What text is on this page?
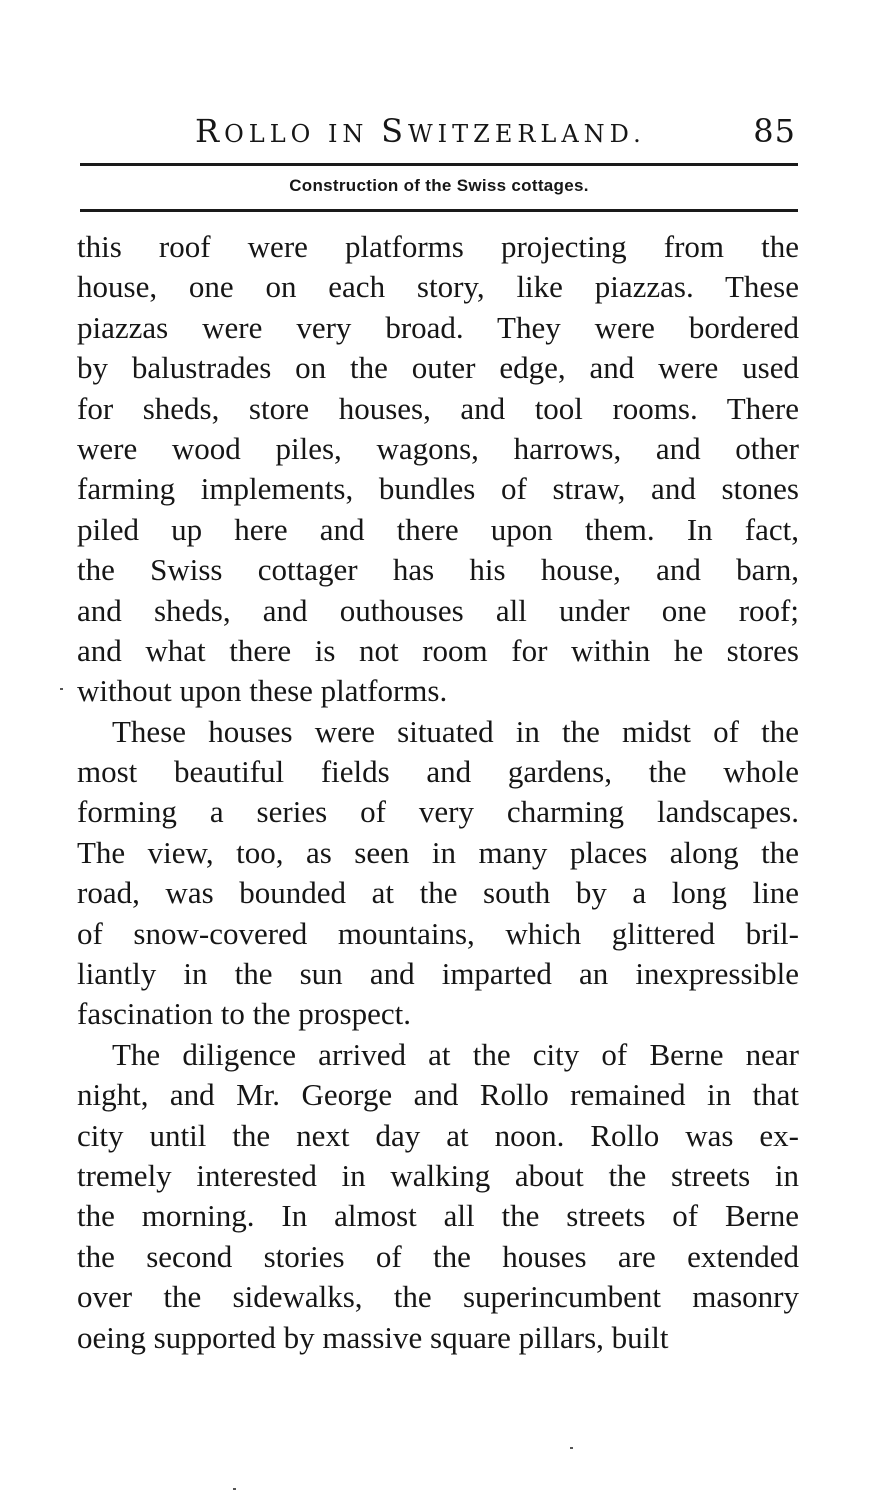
ROLLO IN SWITZERLAND.	85
Construction of the Swiss cottages.
this roof were platforms projecting from the
house, one on each story, like piazzas. These
piazzas were very broad. They were bordered
by balustrades on the outer edge, and were used
for sheds, store houses, and tool rooms. There
were wood piles, wagons, harrows, and other
farming implements, bundles of straw, and stones
piled up here and there upon them. In fact,
the Swiss cottager has his house, and barn,
and sheds, and outhouses all under one roof;
and what there is not room for within he stores
without upon these platforms.
These houses were situated in the midst of the
most beautiful fields and gardens, the whole
forming a series of very charming landscapes.
The view, too, as seen in many places along the
road, was bounded at the south by a long line
of snow-covered mountains, which glittered bril-
liantly in the sun and imparted an inexpressible
fascination to the prospect.
The diligence arrived at the city of Berne near
night, and Mr. George and Rollo remained in that
city until the next day at noon. Rollo was ex-
tremely interested in walking about the streets in
the morning. In almost all the streets of Berne
the second stories of the houses are extended
over the sidewalks, the superincumbent masonry
oeing supported by massive square pillars, built
